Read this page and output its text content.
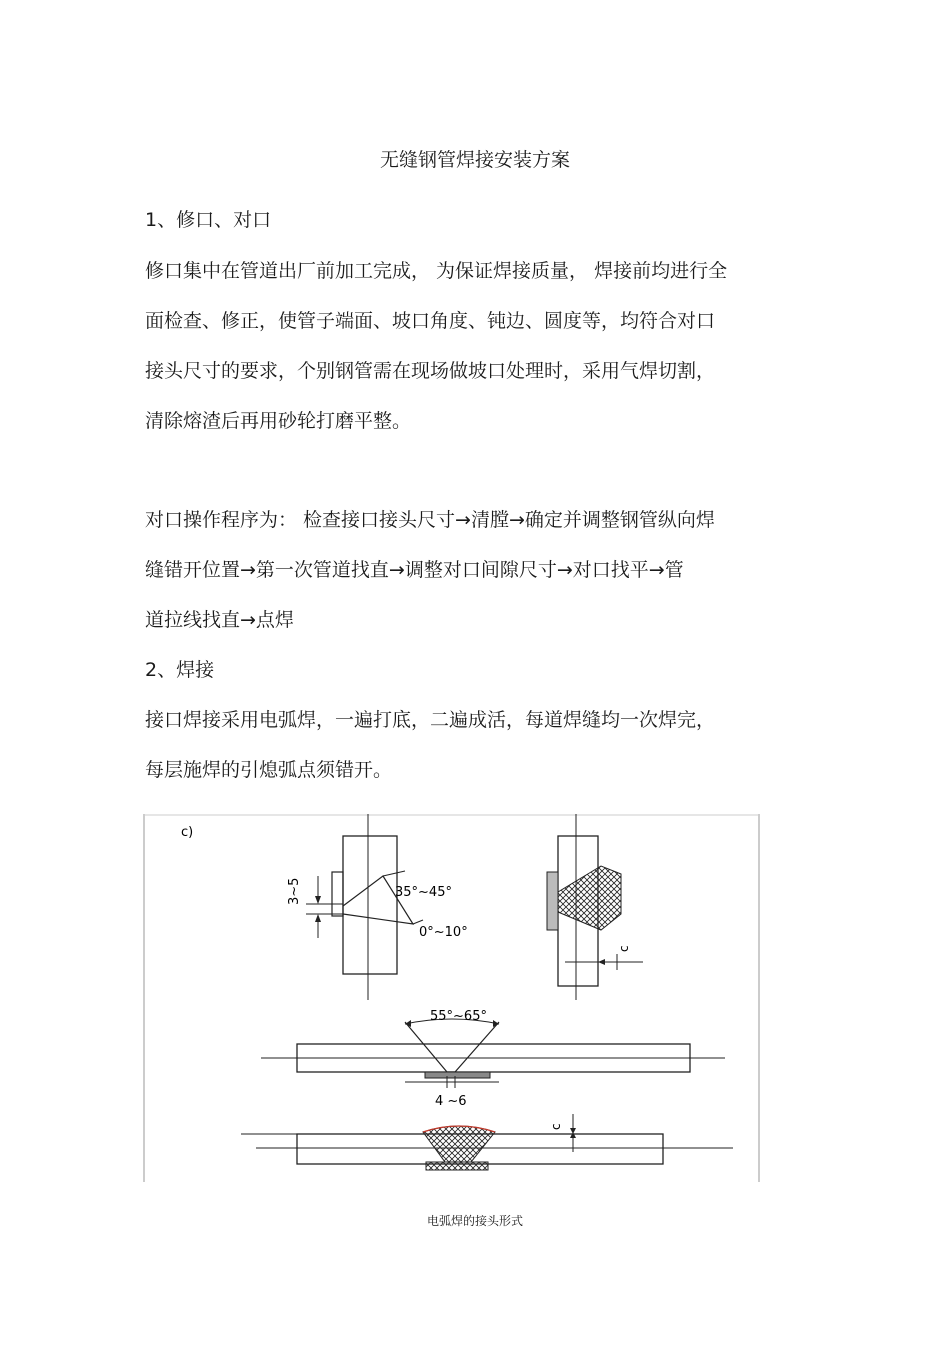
无缝钢管焊接安装方案
1、修口、对口
修口集中在管道出厂前加工完成， 为保证焊接质量， 焊接前均进行全
面检查、修正，使管子端面、坡口角度、钝边、圆度等，均符合对口
接头尺寸的要求，个别钢管需在现场做坡口处理时，采用气焊切割，
清除熔渣后再用砂轮打磨平整。
对口操作程序为： 检查接口接头尺寸→清膛→确定并调整钢管纵向焊
缝错开位置→第一次管道找直→调整对口间隙尺寸→对口找平→管
道拉线找直→点焊
2、焊接
接口焊接采用电弧焊，一遍打底，二遍成活，每道焊缝均一次焊完，
每层施焊的引熄弧点须错开。
c)
3~5	35°~45°
0°~10°
c
55°~65°
4 ~6
c
电弧焊的接头形式
